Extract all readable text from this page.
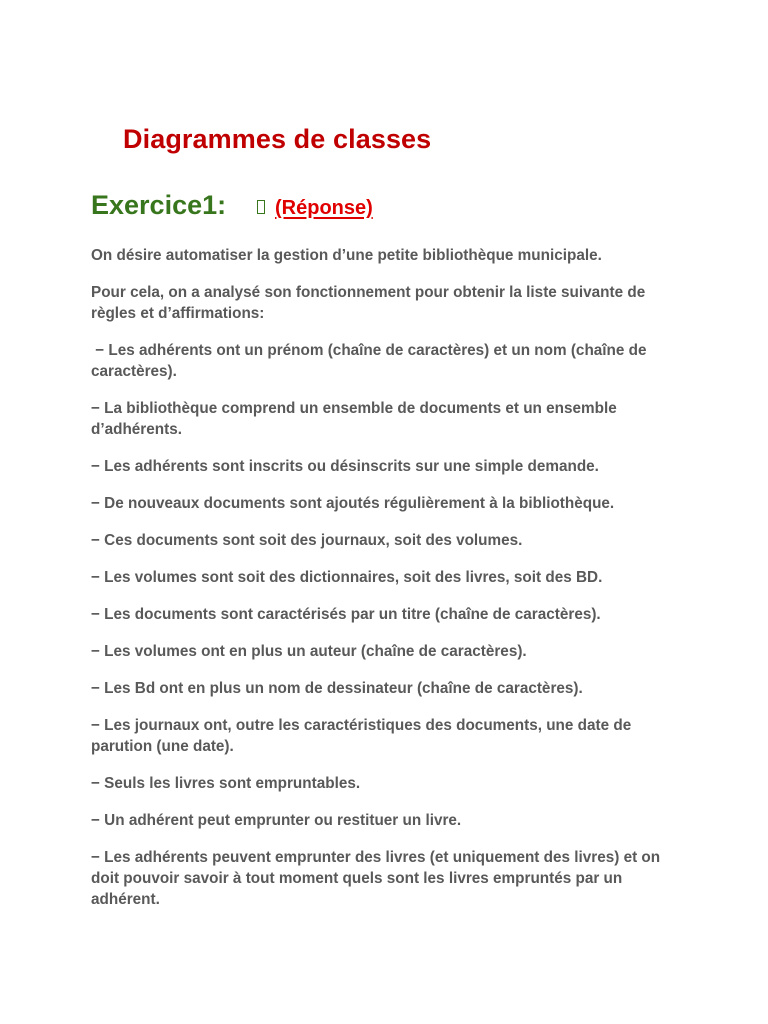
Diagrammes de classes
Exercice1: (Réponse)

On désire automatiser la gestion d’une petite bibliothèque municipale.

Pour cela, on a analysé son fonctionnement pour obtenir la liste suivante de règles et d’affirmations:

− Les adhérents ont un prénom (chaîne de caractères) et un nom (chaîne de caractères).

− La bibliothèque comprend un ensemble de documents et un ensemble d’adhérents.

− Les adhérents sont inscrits ou désinscrits sur une simple demande.

− De nouveaux documents sont ajoutés régulièrement à la bibliothèque.

− Ces documents sont soit des journaux, soit des volumes.

− Les volumes sont soit des dictionnaires, soit des livres, soit des BD.

− Les documents sont caractérisés par un titre (chaîne de caractères).

− Les volumes ont en plus un auteur (chaîne de caractères).

− Les Bd ont en plus un nom de dessinateur (chaîne de caractères).

− Les journaux ont, outre les caractéristiques des documents, une date de parution (une date).

− Seuls les livres sont empruntables.

− Un adhérent peut emprunter ou restituer un livre.

− Les adhérents peuvent emprunter des livres (et uniquement des livres) et on doit pouvoir savoir à tout moment quels sont les livres empruntés par un adhérent.
